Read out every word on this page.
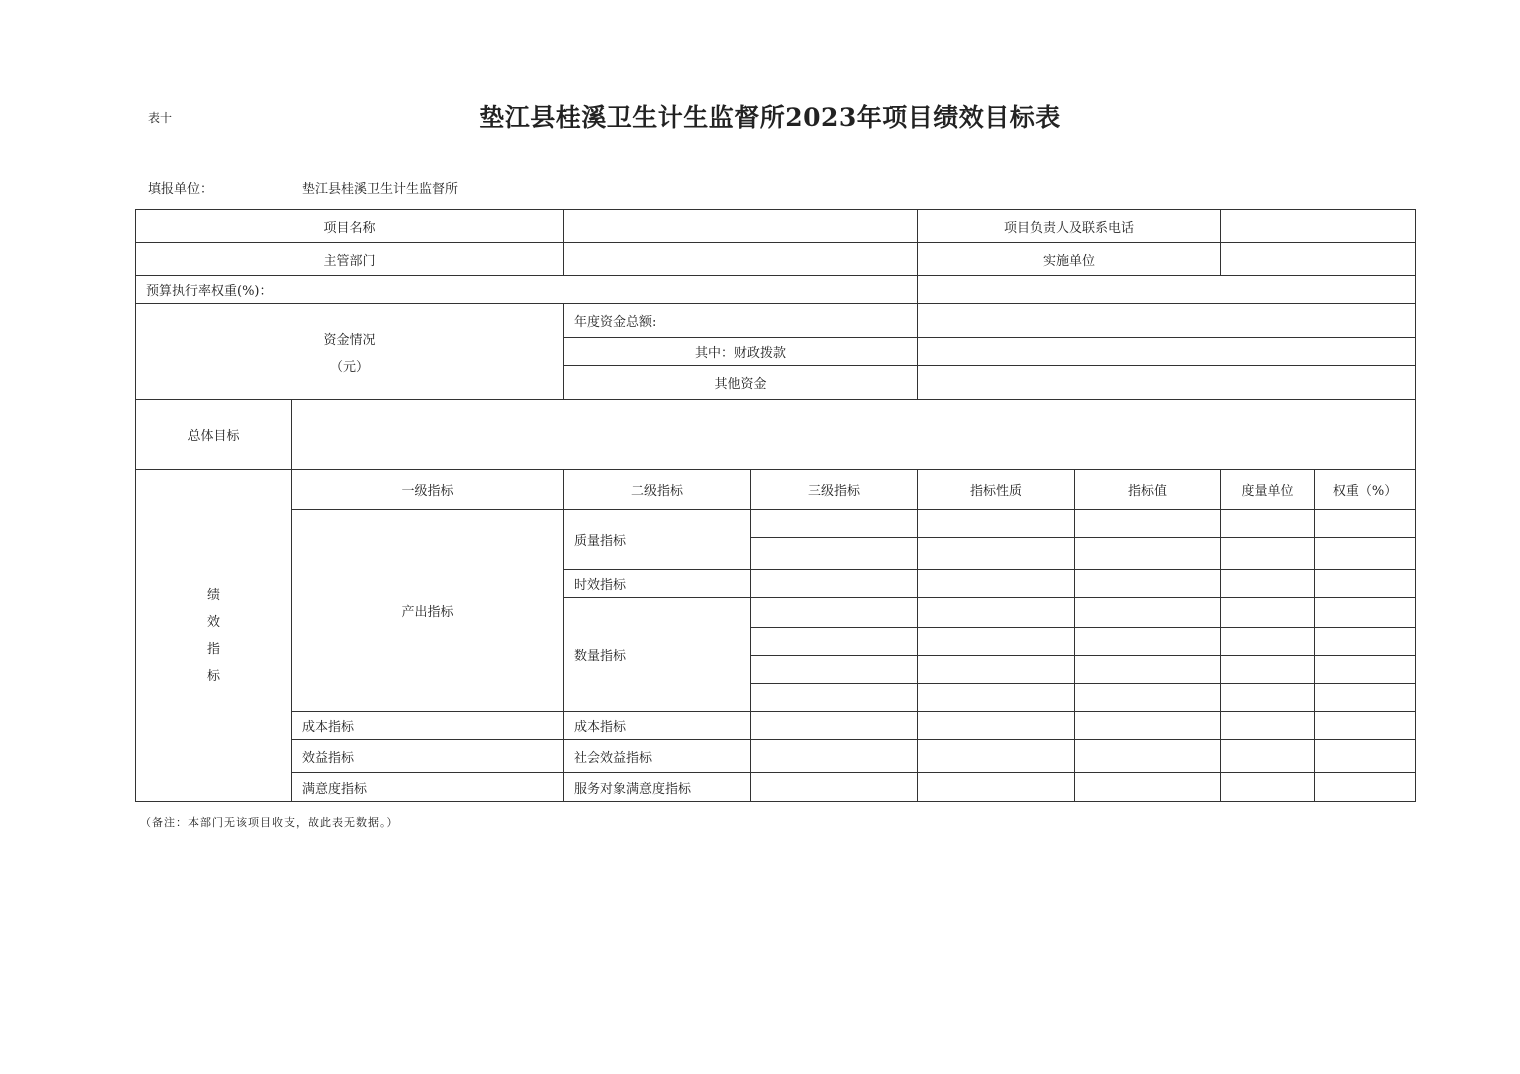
表十	垫江县桂溪卫生计生监督所2023年项目绩效目标表
填报单位：	垫江县桂溪卫生计生监督所
项目名称				项目负责人及联系电话			
主管部门				实施单位			
预算执行率权重(%)：							

资金情况
（元）		年度资金总额:					
		其中：财政拨款					
		其他资金					
总体目标							

绩
效
指
标	一级指标	二级指标	三级指标	指标性质	指标值	度量单位	权重（%）
	产出指标	质量指标					

		时效指标					
		数量指标					

	成本指标	成本指标					
	效益指标	社会效益指标					
	满意度指标	服务对象满意度指标					
（备注：本部门无该项目收支，故此表无数据。）
